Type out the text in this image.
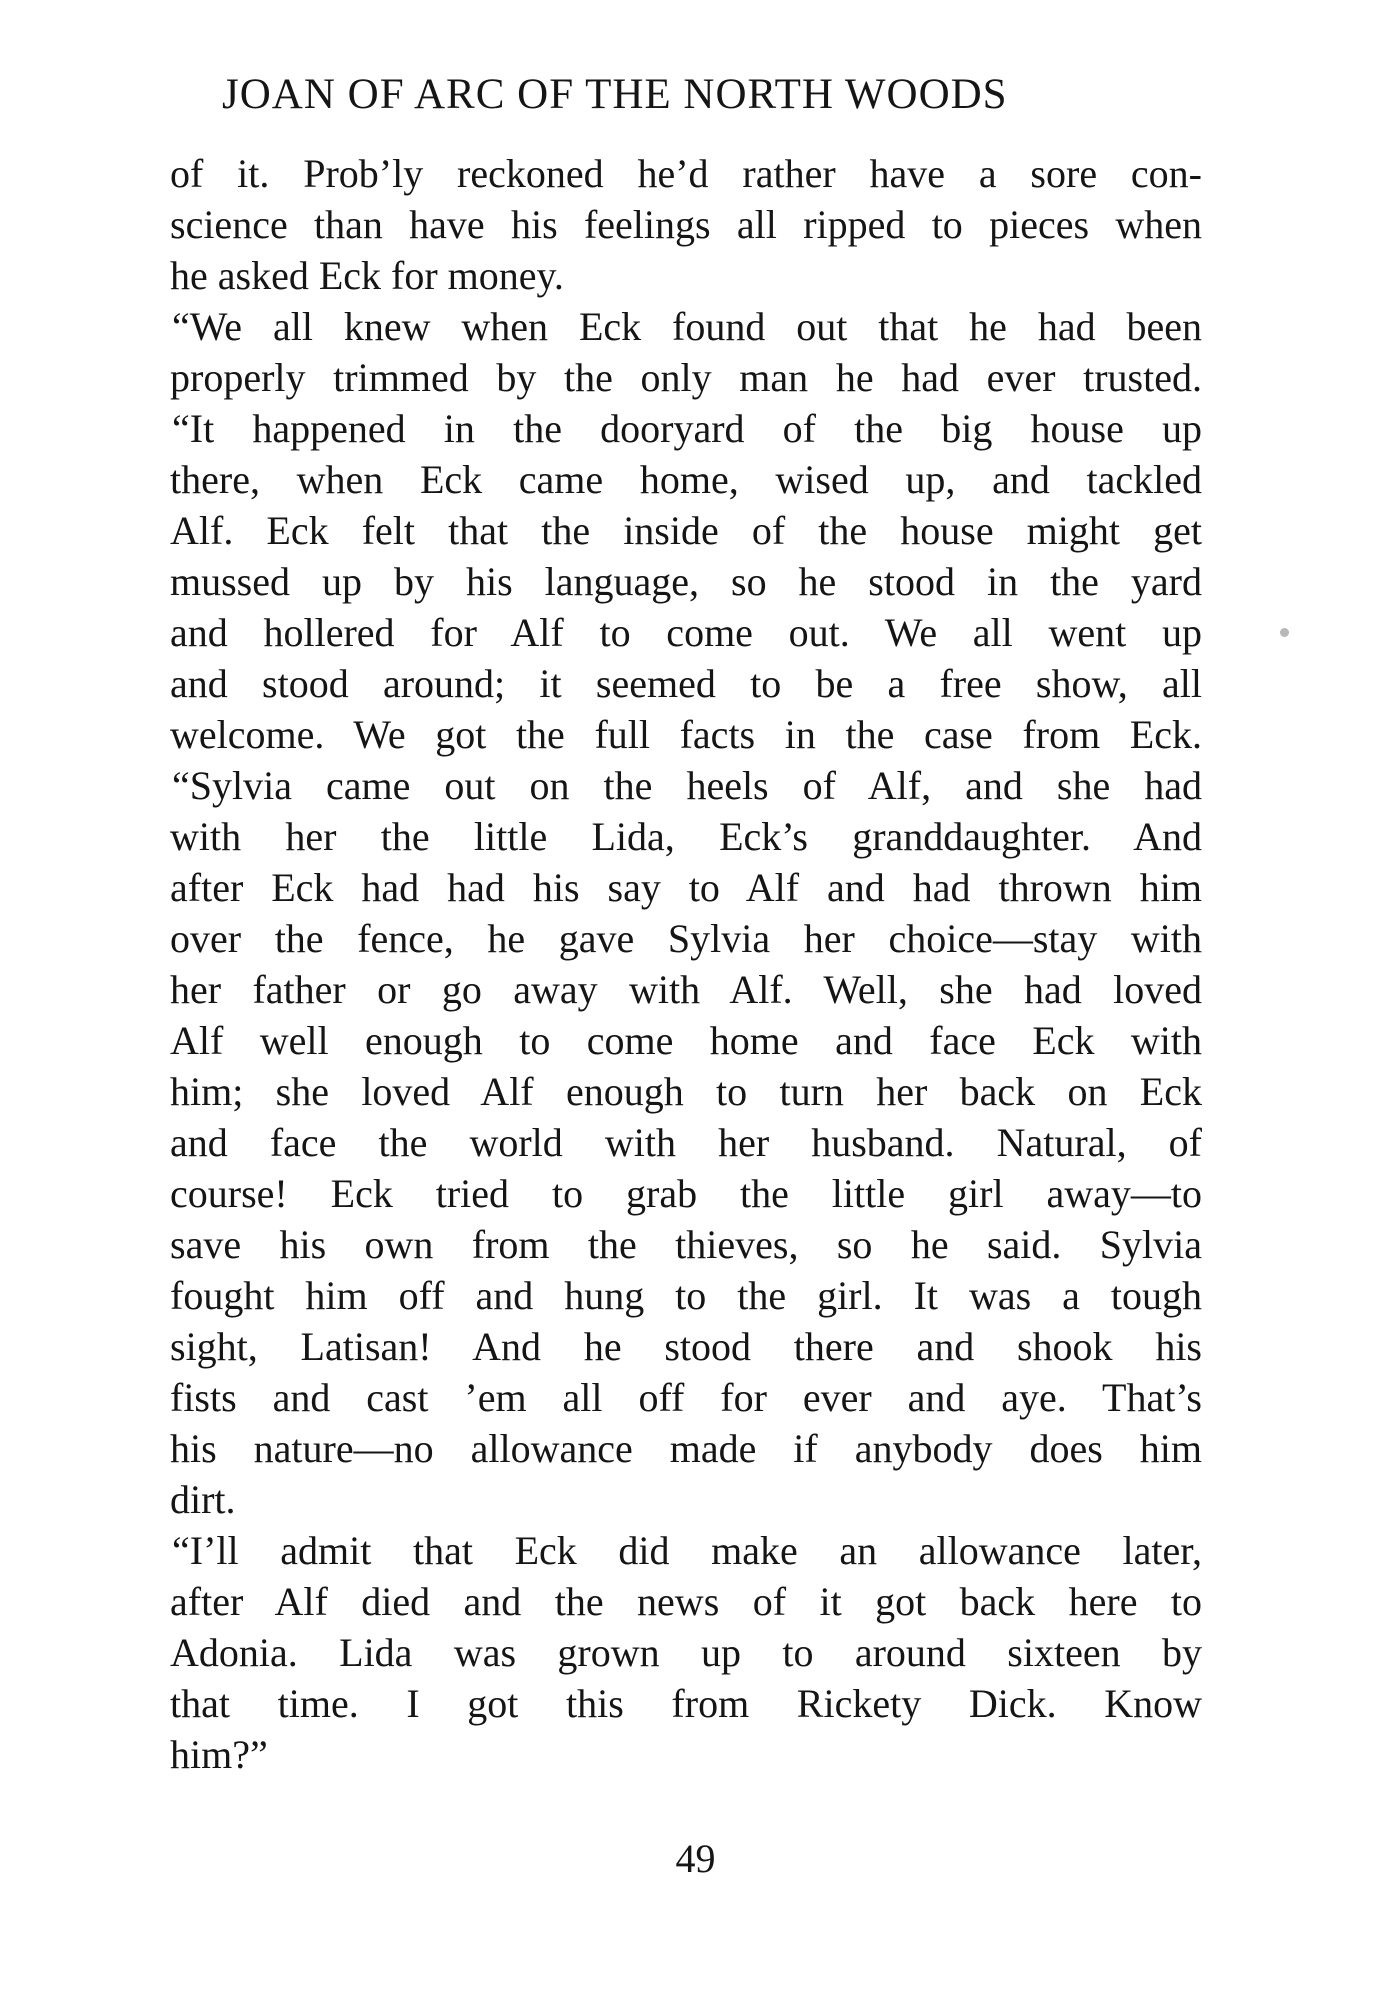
JOAN OF ARC OF THE NORTH WOODS
of it. Prob’ly reckoned he’d rather have a sore con-
science than have his feelings all ripped to pieces when
he asked Eck for money.
“We all knew when Eck found out that he had been
properly trimmed by the only man he had ever trusted.
“It happened in the dooryard of the big house up
there, when Eck came home, wised up, and tackled
Alf. Eck felt that the inside of the house might get
mussed up by his language, so he stood in the yard
and hollered for Alf to come out. We all went up
and stood around; it seemed to be a free show, all
welcome. We got the full facts in the case from Eck.
“Sylvia came out on the heels of Alf, and she had
with her the little Lida, Eck’s granddaughter. And
after Eck had had his say to Alf and had thrown him
over the fence, he gave Sylvia her choice—stay with
her father or go away with Alf. Well, she had loved
Alf well enough to come home and face Eck with
him; she loved Alf enough to turn her back on Eck
and face the world with her husband. Natural, of
course! Eck tried to grab the little girl away—to
save his own from the thieves, so he said. Sylvia
fought him off and hung to the girl. It was a tough
sight, Latisan! And he stood there and shook his
fists and cast ’em all off for ever and aye. That’s
his nature—no allowance made if anybody does him
dirt.
“I’ll admit that Eck did make an allowance later,
after Alf died and the news of it got back here to
Adonia. Lida was grown up to around sixteen by
that time. I got this from Rickety Dick. Know
him?”
49
